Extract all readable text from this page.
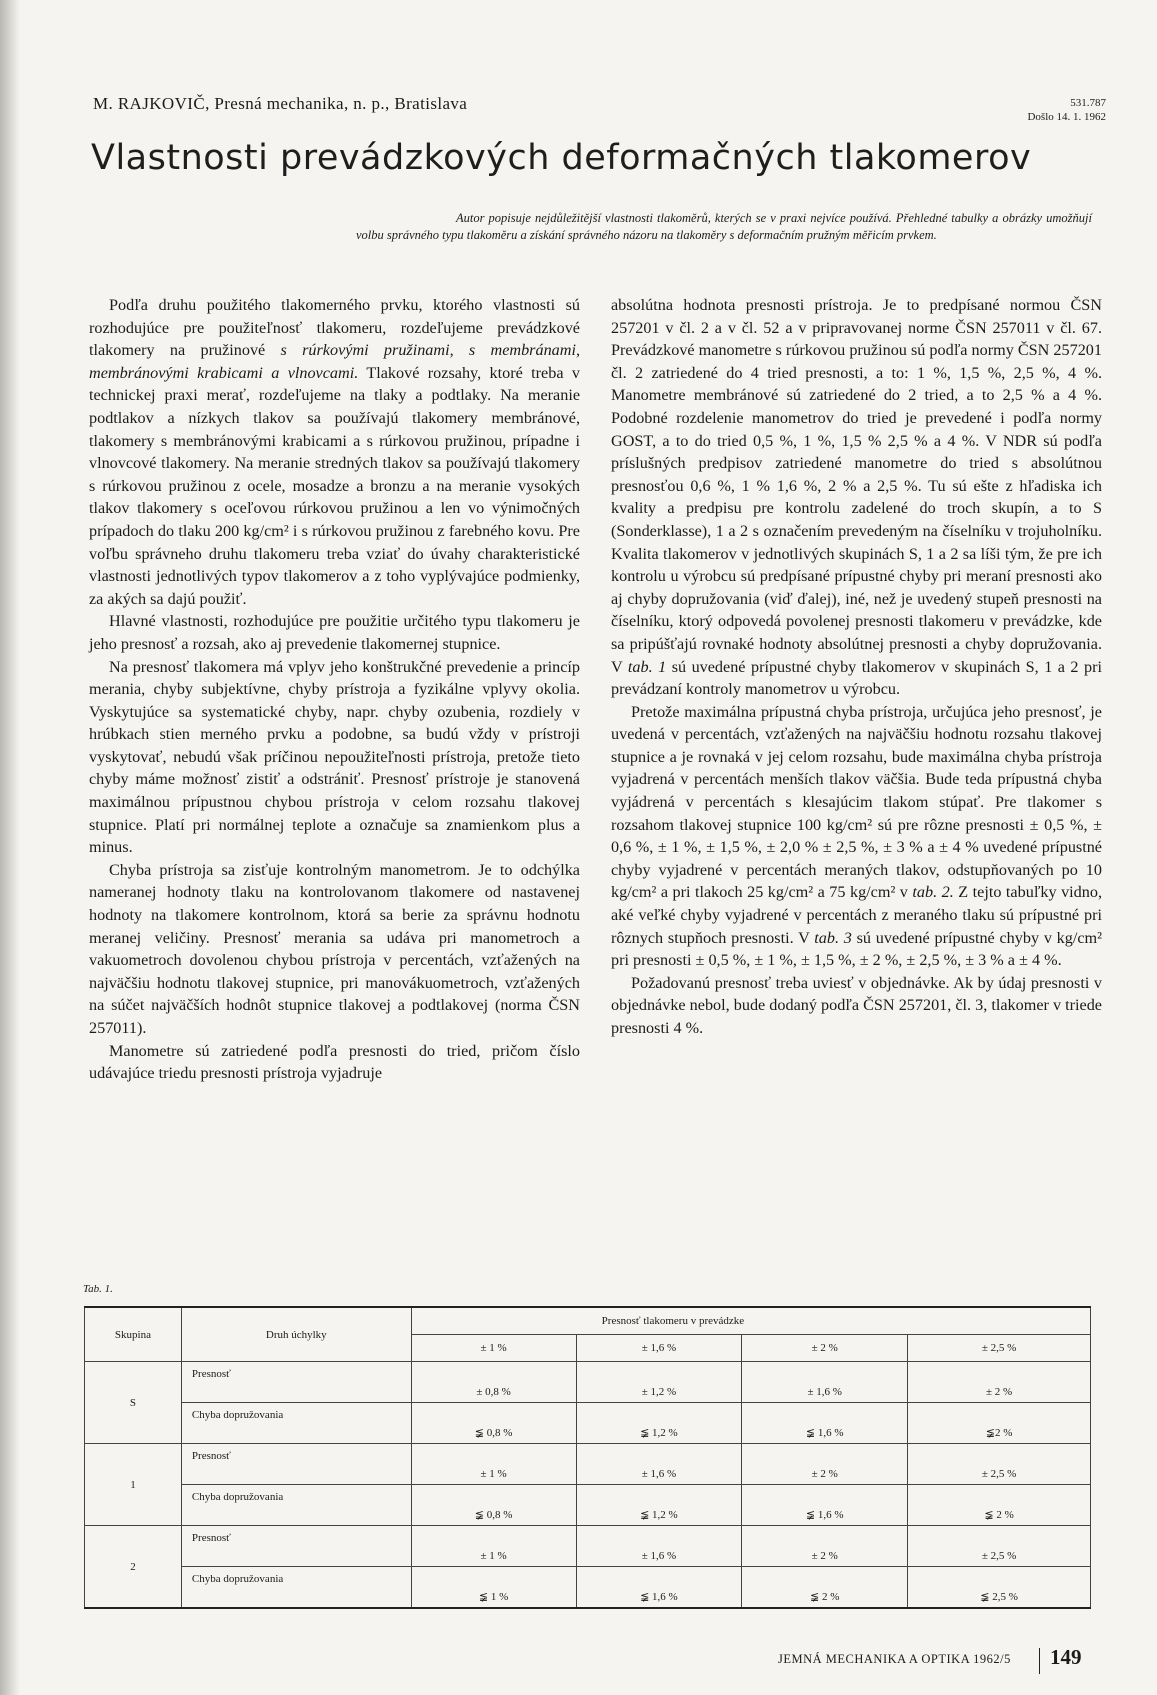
M. RAJKOVIČ, Presná mechanika, n. p., Bratislava	531.787
Došlo 14. 1. 1962
Vlastnosti prevádzkových deformačných tlakomerov
Autor popisuje nejdůležitější vlastnosti tlakoměrů, kterých se v praxi nejvíce používá. Přehledné tabulky a obrázky umožňují volbu správného typu tlakoměru a získání správného názoru na tlakoměry s deformačním pružným měřicím prvkem.

Podľa druhu použitého tlakomerného prvku, ktorého vlastnosti sú rozhodujúce pre použiteľnosť tlakomeru, rozdeľujeme prevádzkové tlakomery na pružinové s rúrkovými pružinami, s membránami, membránovými krabicami a vlnovcami. Tlakové rozsahy, ktoré treba v technickej praxi merať, rozdeľujeme na tlaky a podtlaky. Na meranie podtlakov a nízkych tlakov sa používajú tlakomery membránové, tlakomery s membránovými krabicami a s rúrkovou pružinou, prípadne i vlnovcové tlakomery. Na meranie stredných tlakov sa používajú tlakomery s rúrkovou pružinou z ocele, mosadze a bronzu a na meranie vysokých tlakov tlakomery s oceľovou rúrkovou pružinou a len vo výnimočných prípadoch do tlaku 200 kg/cm² i s rúrkovou pružinou z farebného kovu. Pre voľbu správneho druhu tlakomeru treba vziať do úvahy charakteristické vlastnosti jednotlivých typov tlakomerov a z toho vyplývajúce podmienky, za akých sa dajú použiť.

Hlavné vlastnosti, rozhodujúce pre použitie určitého typu tlakomeru je jeho presnosť a rozsah, ako aj prevedenie tlakomernej stupnice.

Na presnosť tlakomera má vplyv jeho konštrukčné prevedenie a princíp merania, chyby subjektívne, chyby prístroja a fyzikálne vplyvy okolia. Vyskytujúce sa systematické chyby, napr. chyby ozubenia, rozdiely v hrúbkach stien merného prvku a podobne, sa budú vždy v prístroji vyskytovať, nebudú však príčinou nepoužiteľnosti prístroja, pretože tieto chyby máme možnosť zistiť a odstrániť. Presnosť prístroje je stanovená maximálnou prípustnou chybou prístroja v celom rozsahu tlakovej stupnice. Platí pri normálnej teplote a označuje sa znamienkom plus a minus.

Chyba prístroja sa zisťuje kontrolným manometrom. Je to odchýlka nameranej hodnoty tlaku na kontrolovanom tlakomere od nastavenej hodnoty na tlakomere kontrolnom, ktorá sa berie za správnu hodnotu meranej veličiny. Presnosť merania sa udáva pri manometroch a vakuometroch dovolenou chybou prístroja v percentách, vzťažených na najväčšiu hodnotu tlakovej stupnice, pri manovákuometroch, vzťažených na súčet najväčších hodnôt stupnice tlakovej a podtlakovej (norma ČSN 257011).

Manometre sú zatriedené podľa presnosti do tried, pričom číslo udávajúce triedu presnosti prístroja vyjadruje

absolútna hodnota presnosti prístroja. Je to predpísané normou ČSN 257201 v čl. 2 a v čl. 52 a v pripravovanej norme ČSN 257011 v čl. 67. Prevádzkové manometre s rúrkovou pružinou sú podľa normy ČSN 257201 čl. 2 zatriedené do 4 tried presnosti, a to: 1 %, 1,5 %, 2,5 %, 4 %. Manometre membránové sú zatriedené do 2 tried, a to 2,5 % a 4 %. Podobné rozdelenie manometrov do tried je prevedené i podľa normy GOST, a to do tried 0,5 %, 1 %, 1,5 % 2,5 % a 4 %. V NDR sú podľa príslušných predpisov zatriedené manometre do tried s absolútnou presnosťou 0,6 %, 1 % 1,6 %, 2 % a 2,5 %. Tu sú ešte z hľadiska ich kvality a predpisu pre kontrolu zadelené do troch skupín, a to S (Sonderklasse), 1 a 2 s označením prevedeným na číselníku v trojuholníku. Kvalita tlakomerov v jednotlivých skupinách S, 1 a 2 sa líši tým, že pre ich kontrolu u výrobcu sú predpísané prípustné chyby pri meraní presnosti ako aj chyby dopružovania (viď ďalej), iné, než je uvedený stupeň presnosti na číselníku, ktorý odpovedá povolenej presnosti tlakomeru v prevádzke, kde sa pripúšťajú rovnaké hodnoty absolútnej presnosti a chyby dopružovania. V tab. 1 sú uvedené prípustné chyby tlakomerov v skupinách S, 1 a 2 pri prevádzaní kontroly manometrov u výrobcu.

Pretože maximálna prípustná chyba prístroja, určujúca jeho presnosť, je uvedená v percentách, vzťažených na najväčšiu hodnotu rozsahu tlakovej stupnice a je rovnaká v jej celom rozsahu, bude maximálna chyba prístroja vyjadrená v percentách menších tlakov väčšia. Bude teda prípustná chyba vyjádrená v percentách s klesajúcim tlakom stúpať. Pre tlakomer s rozsahom tlakovej stupnice 100 kg/cm² sú pre rôzne presnosti ± 0,5 %, ± 0,6 %, ± 1 %, ± 1,5 %, ± 2,0 % ± 2,5 %, ± 3 % a ± 4 % uvedené prípustné chyby vyjadrené v percentách meraných tlakov, odstupňovaných po 10 kg/cm² a pri tlakoch 25 kg/cm² a 75 kg/cm² v tab. 2. Z tejto tabuľky vidno, aké veľké chyby vyjadrené v percentách z meraného tlaku sú prípustné pri rôznych stupňoch presnosti. V tab. 3 sú uvedené prípustné chyby v kg/cm² pri presnosti ± 0,5 %, ± 1 %, ± 1,5 %, ± 2 %, ± 2,5 %, ± 3 % a ± 4 %.

Požadovanú presnosť treba uviesť v objednávke. Ak by údaj presnosti v objednávke nebol, bude dodaný podľa ČSN 257201, čl. 3, tlakomer v triede presnosti 4 %.

Tab. 1.
Skupina	Druh úchylky	Presnosť tlakomeru v prevádzke			
		± 1 %	± 1,6 %	± 2 %	± 2,5 %
S	Presnosť	± 0,8 %	± 1,2 %	± 1,6 %	± 2 %
	Chyba dopružovania	≨ 0,8 %	≨ 1,2 %	≨ 1,6 %	≨2 %
1	Presnosť	± 1 %	± 1,6 %	± 2 %	± 2,5 %
	Chyba dopružovania	≨ 0,8 %	≨ 1,2 %	≨ 1,6 %	≨ 2 %
2	Presnosť	± 1 %	± 1,6 %	± 2 %	± 2,5 %
	Chyba dopružovania	≨ 1 %	≨ 1,6 %	≨ 2 %	≨ 2,5 %
JEMNÁ MECHANIKA A OPTIKA 1962/5 149
